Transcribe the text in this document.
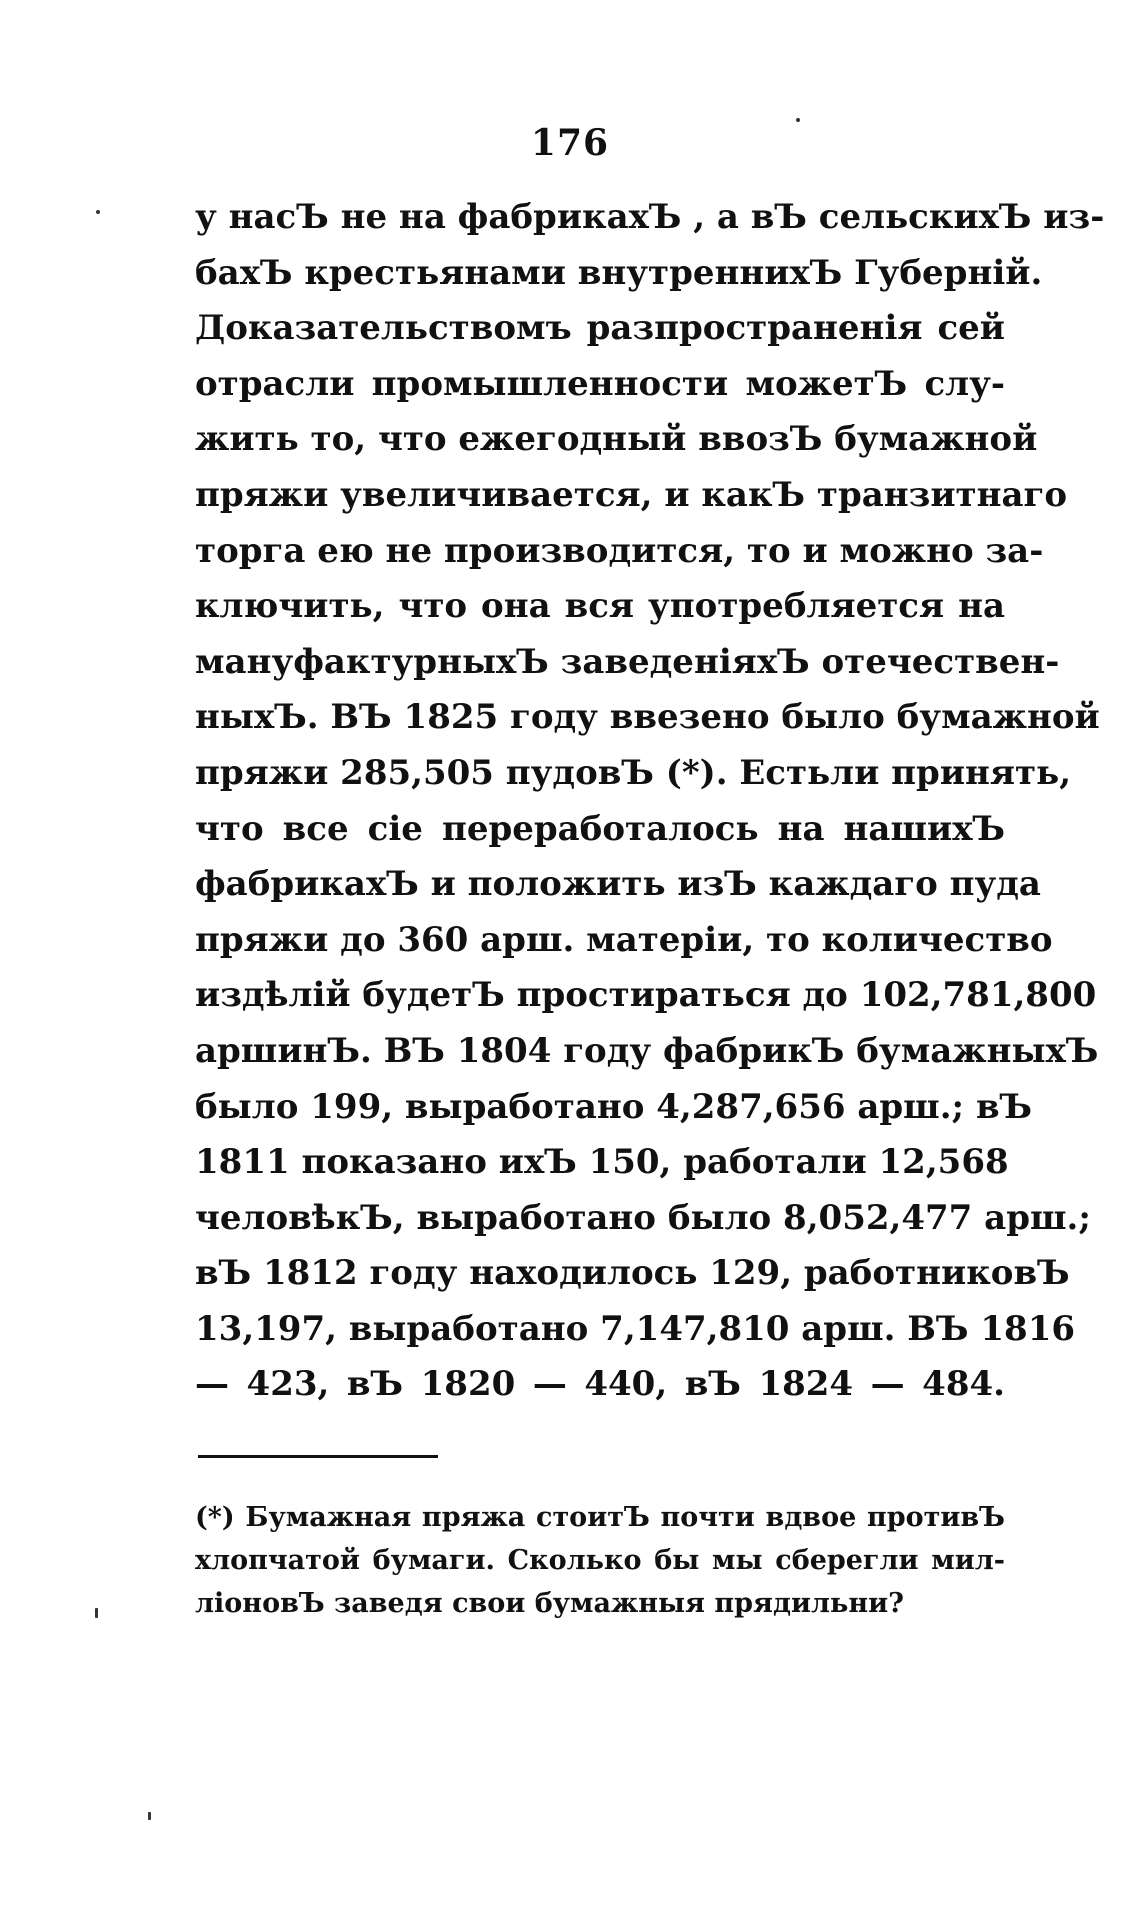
176
у насЪ не на фабрикахЪ , а вЪ сельскихЪ из-
бахЪ крестьянами внутреннихЪ Губерній.
Доказательствомъ разпространенія сей
отрасли промышленности можетЪ слу-
жить то, что ежегодный ввозЪ бумажной
пряжи увеличивается, и какЪ транзитнаго
торга ею не производится, то и можно за-
ключить, что она вся употребляется на
мануфактурныхЪ заведеніяхЪ отечествен-
ныхЪ. ВЪ 1825 году ввезено было бумажной
пряжи 285,505 пудовЪ (*). Естьли принять,
что все сіе переработалось на нашихЪ
фабрикахЪ и положить изЪ каждаго пуда
пряжи до 360 арш. матеріи, то количество
издѣлій будетЪ простираться до 102,781,800
аршинЪ. ВЪ 1804 году фабрикЪ бумажныхЪ
было 199, выработано 4,287,656 арш.; вЪ
1811 показано ихЪ 150, работали 12,568
человѣкЪ, выработано было 8,052,477 арш.;
вЪ 1812 году находилось 129, работниковЪ
13,197, выработано 7,147,810 арш. ВЪ 1816
— 423, вЪ 1820 — 440, вЪ 1824 — 484.
(*) Бумажная пряжа стоитЪ почти вдвое противЪ
хлопчатой бумаги. Сколько бы мы сберегли мил-
ліоновЪ заведя свои бумажныя прядильни?
